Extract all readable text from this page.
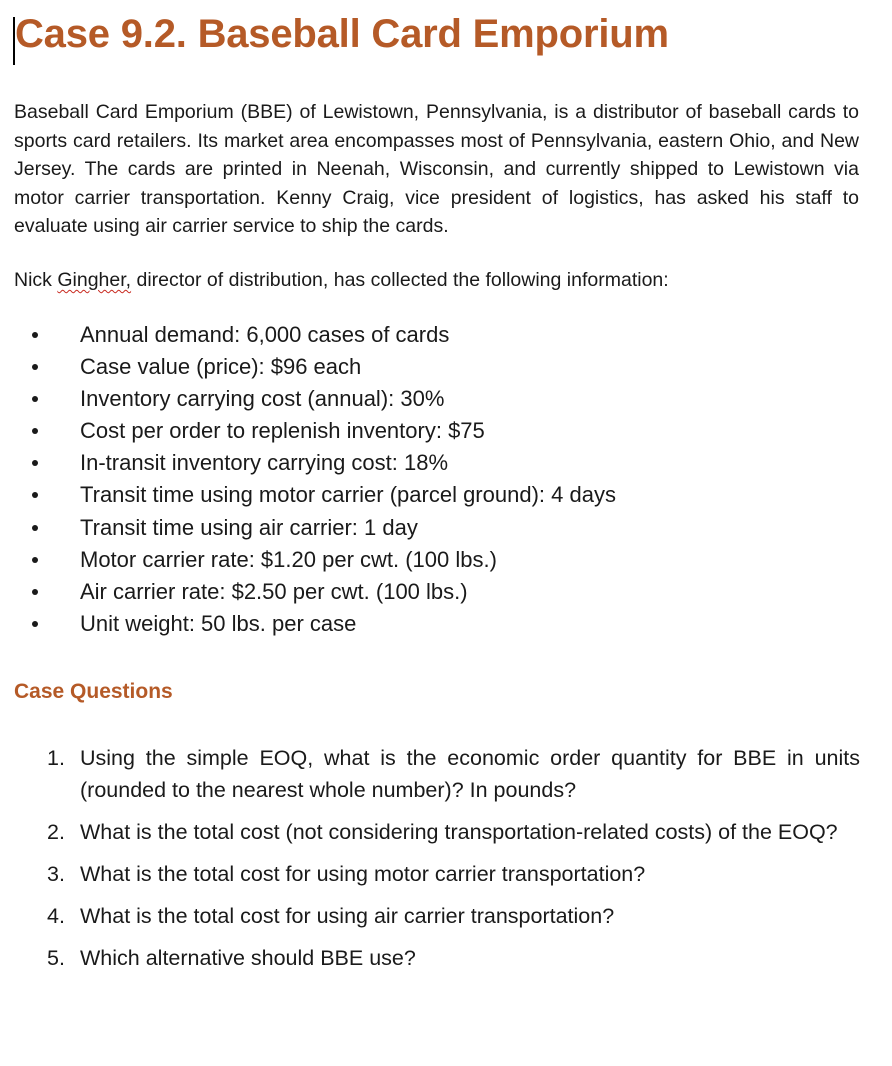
Case 9.2. Baseball Card Emporium

Baseball Card Emporium (BBE) of Lewistown, Pennsylvania, is a distributor of baseball cards to sports card retailers. Its market area encompasses most of Pennsylvania, eastern Ohio, and New Jersey. The cards are printed in Neenah, Wisconsin, and currently shipped to Lewistown via motor carrier transportation. Kenny Craig, vice president of logistics, has asked his staff to evaluate using air carrier service to ship the cards.

Nick Gingher, director of distribution, has collected the following information:

Annual demand: 6,000 cases of cards
Case value (price): $96 each
Inventory carrying cost (annual): 30%
Cost per order to replenish inventory: $75
In-transit inventory carrying cost: 18%
Transit time using motor carrier (parcel ground): 4 days
Transit time using air carrier: 1 day
Motor carrier rate: $1.20 per cwt. (100 lbs.)
Air carrier rate: $2.50 per cwt. (100 lbs.)
Unit weight: 50 lbs. per case
Case Questions
1. Using the simple EOQ, what is the economic order quantity for BBE in units (rounded to the nearest whole number)? In pounds?
2. What is the total cost (not considering transportation-related costs) of the EOQ?
3. What is the total cost for using motor carrier transportation?
4. What is the total cost for using air carrier transportation?
5. Which alternative should BBE use?
